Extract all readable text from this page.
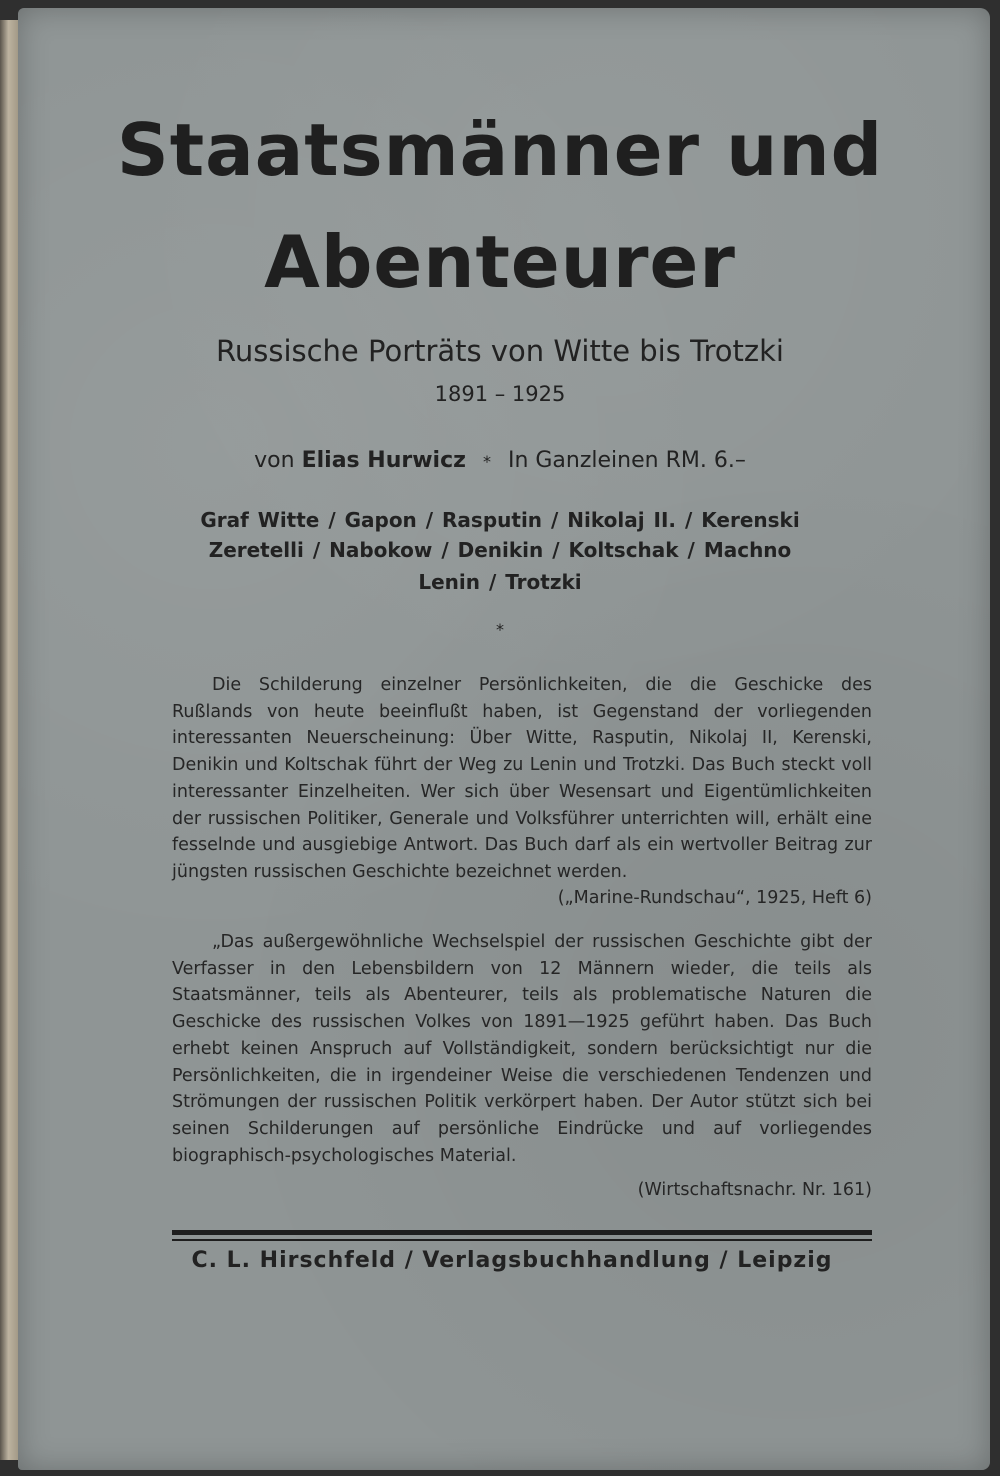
Staatsmänner und
Abenteurer
Russische Porträts von Witte bis Trotzki
1891 – 1925
von Elias Hurwicz * In Ganzleinen RM. 6.–
Graf Witte / Gapon / Rasputin / Nikolaj II. / Kerenski
Zeretelli / Nabokow / Denikin / Koltschak / Machno
Lenin / Trotzki
*

Die Schilderung einzelner Persönlichkeiten, die die Geschicke des Rußlands von heute beeinflußt haben, ist Gegenstand der vorliegenden interessanten Neuerscheinung: Über Witte, Rasputin, Nikolaj II, Kerenski, Denikin und Koltschak führt der Weg zu Lenin und Trotzki. Das Buch steckt voll interessanter Einzelheiten. Wer sich über Wesensart und Eigentümlichkeiten der russischen Politiker, Generale und Volksführer unterrichten will, erhält eine fesselnde und ausgiebige Antwort. Das Buch darf als ein wertvoller Beitrag zur jüngsten russischen Geschichte bezeichnet werden.

(„Marine-Rundschau“, 1925, Heft 6)

„Das außergewöhnliche Wechselspiel der russischen Geschichte gibt der Verfasser in den Lebensbildern von 12 Männern wieder, die teils als Staatsmänner, teils als Abenteurer, teils als problematische Naturen die Geschicke des russischen Volkes von 1891—1925 geführt haben. Das Buch erhebt keinen Anspruch auf Vollständigkeit, sondern berücksichtigt nur die Persönlichkeiten, die in irgendeiner Weise die verschiedenen Tendenzen und Strömungen der russischen Politik verkörpert haben. Der Autor stützt sich bei seinen Schilderungen auf persönliche Eindrücke und auf vorliegendes biographisch-psychologisches Material.

(Wirtschaftsnachr. Nr. 161)
C. L. Hirschfeld / Verlagsbuchhandlung / Leipzig
